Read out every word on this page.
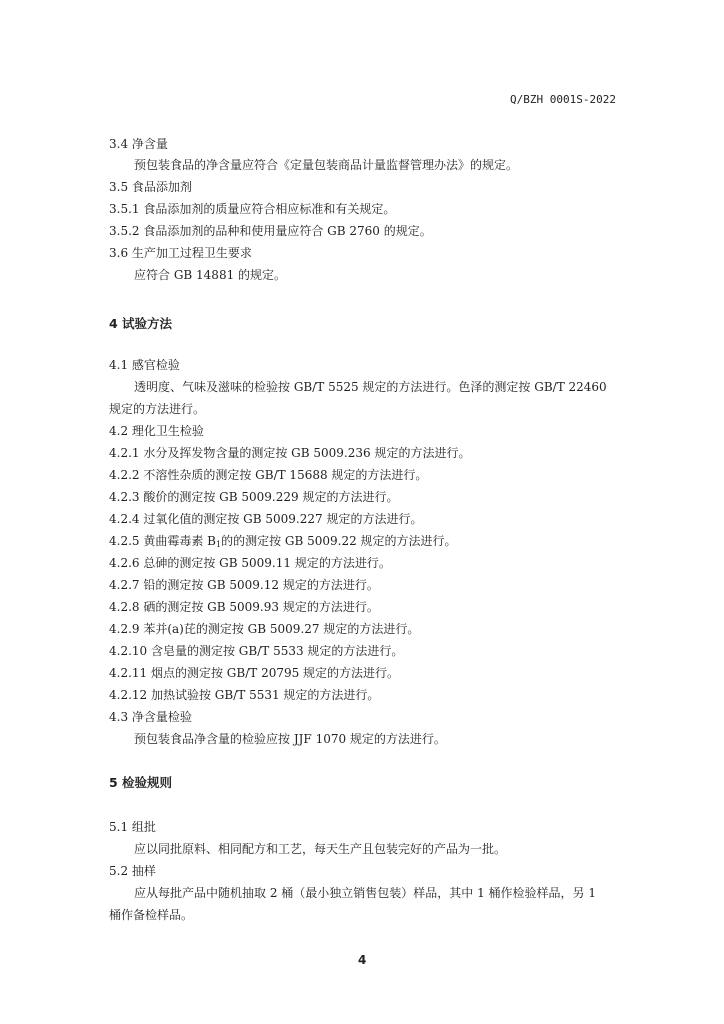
Q/BZH 0001S-2022
3.4 净含量
预包装食品的净含量应符合《定量包装商品计量监督管理办法》的规定。
3.5 食品添加剂
3.5.1 食品添加剂的质量应符合相应标准和有关规定。
3.5.2 食品添加剂的品种和使用量应符合 GB 2760 的规定。
3.6 生产加工过程卫生要求
应符合 GB 14881 的规定。
4 试验方法
4.1 感官检验
透明度、气味及滋味的检验按 GB/T 5525 规定的方法进行。色泽的测定按 GB/T 22460
规定的方法进行。
4.2 理化卫生检验
4.2.1 水分及挥发物含量的测定按 GB 5009.236 规定的方法进行。
4.2.2 不溶性杂质的测定按 GB/T 15688 规定的方法进行。
4.2.3 酸价的测定按 GB 5009.229 规定的方法进行。
4.2.4 过氧化值的测定按 GB 5009.227 规定的方法进行。
4.2.5 黄曲霉毒素 $B_1$的的测定按 GB 5009.22 规定的方法进行。
4.2.6 总砷的测定按 GB 5009.11 规定的方法进行。
4.2.7 铅的测定按 GB 5009.12 规定的方法进行。
4.2.8 硒的测定按 GB 5009.93 规定的方法进行。
4.2.9 苯并(a)芘的测定按 GB 5009.27 规定的方法进行。
4.2.10 含皂量的测定按 GB/T 5533 规定的方法进行。
4.2.11 烟点的测定按 GB/T 20795 规定的方法进行。
4.2.12 加热试验按 GB/T 5531 规定的方法进行。
4.3 净含量检验
预包装食品净含量的检验应按 JJF 1070 规定的方法进行。
5 检验规则
5.1 组批
应以同批原料、相同配方和工艺，每天生产且包装完好的产品为一批。
5.2 抽样
应从每批产品中随机抽取 2 桶（最小独立销售包装）样品，其中 1 桶作检验样品，另 1
桶作备检样品。
4
